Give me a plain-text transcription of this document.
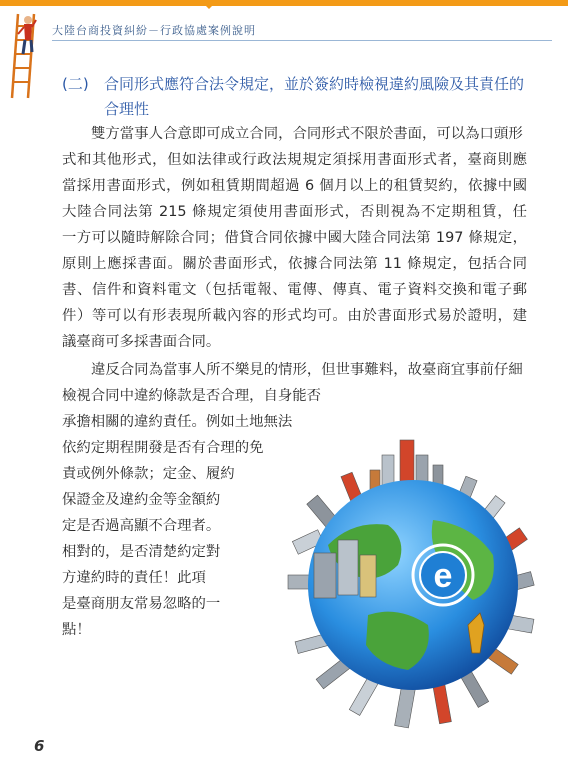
大陸台商投資糾紛－行政協處案例說明
(二) 合同形式應符合法令規定，並於簽約時檢視違約風險及其責任的
合理性
雙方當事人合意即可成立合同，合同形式不限於書面，可以為口頭形
式和其他形式，但如法律或行政法規規定須採用書面形式者，臺商則應
當採用書面形式，例如租賃期間超過 6 個月以上的租賃契約，依據中國
大陸合同法第 215 條規定須使用書面形式，否則視為不定期租賃，任
一方可以隨時解除合同；借貸合同依據中國大陸合同法第 197 條規定，
原則上應採書面。關於書面形式，依據合同法第 11 條規定，包括合同
書、信件和資料電文（包括電報、電傳、傳真、電子資料交換和電子郵
件）等可以有形表現所載內容的形式均可。由於書面形式易於證明，建
議臺商可多採書面合同。
違反合同為當事人所不樂見的情形，但世事難料，故臺商宜事前仔細
檢視合同中違約條款是否合理，自身能否
承擔相關的違約責任。例如土地無法
依約定期程開發是否有合理的免
責或例外條款；定金、履約
保證金及違約金等金額約
定是否過高顯不合理者。
相對的，是否清楚約定對
方違約時的責任！此項
是臺商朋友常易忽略的一
點！
e
6
